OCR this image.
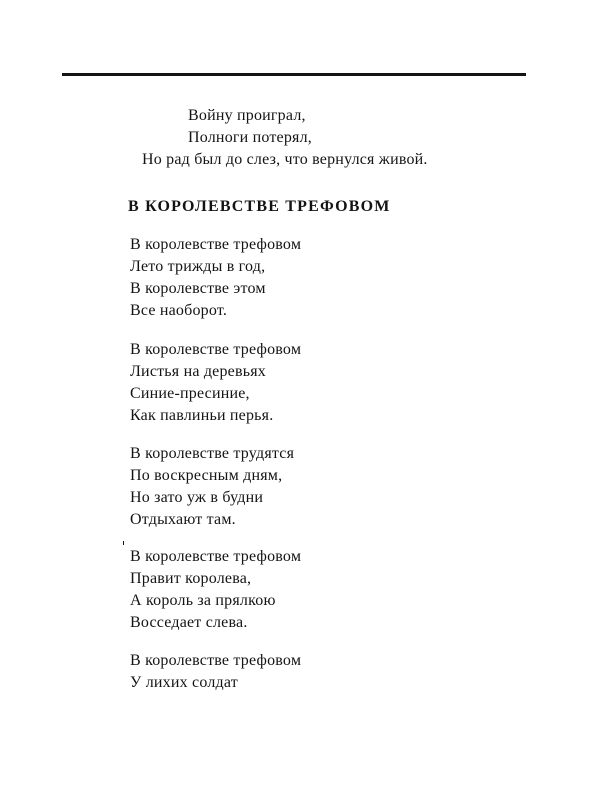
Войну проиграл,
Полноги потерял,
Но рад был до слез, что вернулся живой.
В КОРОЛЕВСТВЕ ТРЕФОВОМ
В королевстве трефовом
Лето трижды в год,
В королевстве этом
Все наоборот.
В королевстве трефовом
Листья на деревьях
Синие-пресиние,
Как павлиньи перья.
В королевстве трудятся
По воскресным дням,
Но зато уж в будни
Отдыхают там.
В королевстве трефовом
Правит королева,
А король за прялкою
Восседает слева.
В королевстве трефовом
У лихих солдат
